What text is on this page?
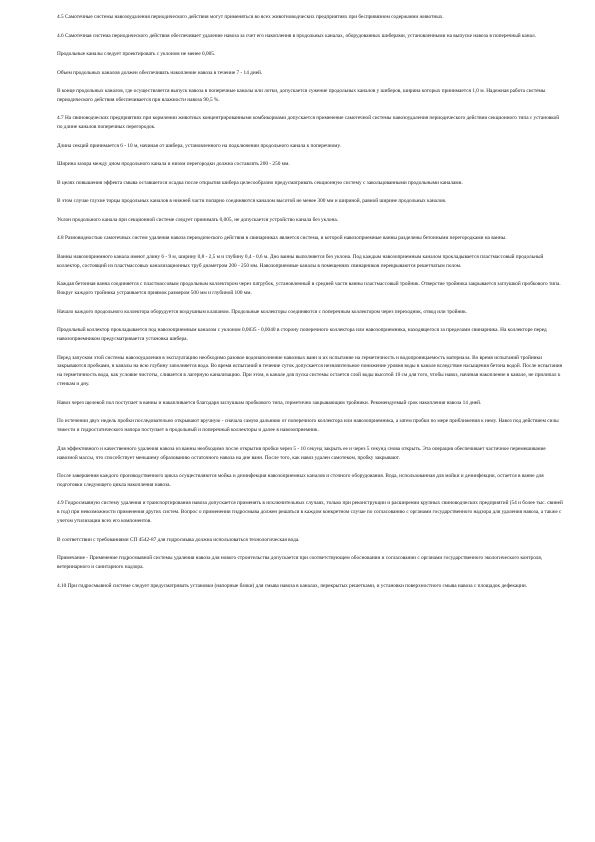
4.5 Самотечные системы навозоудаления периодического действия могут применяться во всех животноводческих предприятиях при беспривязном содержании животных.

4.6 Самотечная система периодического действия обеспечивает удаление навоза за счет его накопления в продольных каналах, оборудованных шиберами, установленными на выпуске навоза в поперечный канал.

Продольные каналы следует проектировать с уклоном не менее 0,005.

Объем продольных каналов должен обеспечивать накопление навоза в течение 7 - 14 дней.

В конце продольных каналов, где осуществляется выпуск навоза в поперечные каналы или лотки, допускается сужение продольных каналов у шиберов, ширина которых принимается 1,0 м. Надежная работа системы периодического действия обеспечивается при влажности навоза 90,5 %.

4.7 На свиноводческих предприятиях при кормлении животных концентрированными комбикормами допускается применение самотечной системы навозоудаления периодического действия секционного типа с установкой по длине каналов поперечных перегородок.

Длина секций принимается 6 - 10 м, начиная от шибера, установленного на подключении продольного канала к поперечному.

Ширина зазора между дном продольного канала и низом перегородки должна составлять 200 - 250 мм.

В целях повышения эффекта смыва оставшегося осадка после открытия шибера целесообразно предусматривать секционную систему с закольцованными продольными каналами.

В этом случае глухие торцы продольных каналов в нижней части попарно соединяются каналом высотой не менее 300 мм и шириной, равной ширине продольных каналов.

Уклон продольного канала при секционной системе следует принимать 0,005, не допускается устройство канала без уклона.

4.8 Разновидностью самотечных систем удаления навоза периодического действия в свинарниках является система, в которой навозоприемные ванны разделены бетонными перегородками на ванны.

Ванны навозоприемного канала имеют длину 6 - 9 м, ширину 0,8 - 2,5 м и глубину 0,4 - 0,6 м. Дно ванны выполняется без уклона. Под каждым навозоприемным каналом прокладывается пластмассовый продольный коллектор, состоящий из пластмассовых канализационных труб диаметром 200 - 250 мм. Навозоприемные каналы в помещениях свинарников перекрываются решетчатым полом.

Каждая бетонная ванна соединяется с пластмассовым продольным коллектором через патрубок, установленный в средней части ванны пластмассовый тройник. Отверстие тройника закрывается заглушкой пробкового типа. Вокруг каждого тройника устраивается приямок размером 500 мм и глубиной 100 мм.

Начало каждого продольного коллектора оборудуется воздушным клапаном. Продольные коллекторы соединяются с поперечным коллектором через переходник, отвод или тройник.

Продольный коллектор прокладывается под навозоприемным каналом с уклоном 0,0035 - 0,0040 в сторону поперечного коллектора или навозоприемника, находящегося за пределами свинарника. На коллекторе перед навозоприемником предусматривается установка шибера.

Перед запуском этой системы навозоудаления в эксплуатацию необходимо разовое водонаполнение навозных ванн и их испытание на герметичность и водопроницаемость материала. Во время испытаний тройники закрываются пробками, в каналы на всю глубину заполняется вода. Во время испытаний в течение суток допускается незначительное понижение уровня воды в канале вследствие насыщения бетона водой. После испытания на герметичность вода, как условие чистоты, сливается в лагерную канализацию. При этом, в канале для пуска системы остается слой воды высотой 10 см для того, чтобы навоз, начиная накопление в канале, не прилипал к стенкам и дну.

Навоз через щелевой пол поступает в ванны и накапливается благодаря заглушкам пробкового типа, герметично закрывающим тройники. Рекомендуемый срок накопления навоза 14 дней.

По истечении двух недель пробки последовательно открывают вручную - сначала самую дальнюю от поперечного коллектора или навозоприемника, а затем пробки по мере приближения к нему. Навоз под действием силы тяжести и гидростатического напора поступает в продольный и поперечный коллекторы и далее в навозоприемник.

Для эффективного и качественного удаления навоза из ванны необходимо после открытия пробки через 5 - 10 секунд закрыть ее и через 5 секунд снова открыть. Эта операция обеспечивает частичное перемешивание навозной массы, что способствует меньшему образованию остаточного навоза на дне ванн. После того, как навоз удален самотеком, пробку закрывают.

После завершения каждого производственного цикла осуществляются мойка и дезинфекция навозоприемных каналов и сточного оборудования. Вода, использованная для мойки и дезинфекции, остается в ванне для подготовки следующего цикла накопления навоза.

4.9 Гидросмывную систему удаления и транспортирования навоза допускается применять в исключительных случаях, только при реконструкции и расширении крупных свиноводческих предприятий (54 и более тыс. свиней в год) при невозможности применения других систем. Вопрос о применении гидросмыва должен решаться в каждом конкретном случае по согласованию с органами государственного надзора для удаления навоза, а также с учетом утилизации всех его компонентов.

В соответствии с требованиями СП 4542-87 для гидросмыва должна использоваться технологическая вода.

Примечание - Применение гидросмывной системы удаления навоза для нового строительства допускается при соответствующем обосновании и согласовании с органами государственного экологического контроля, ветеринарного и санитарного надзора.

4.10 При гидросмывной системе следует предусматривать установки (напорные бачки) для смыва навоза в каналах, перекрытых решетками, и установки поверхностного смыва навоза с площадок дефекации.
